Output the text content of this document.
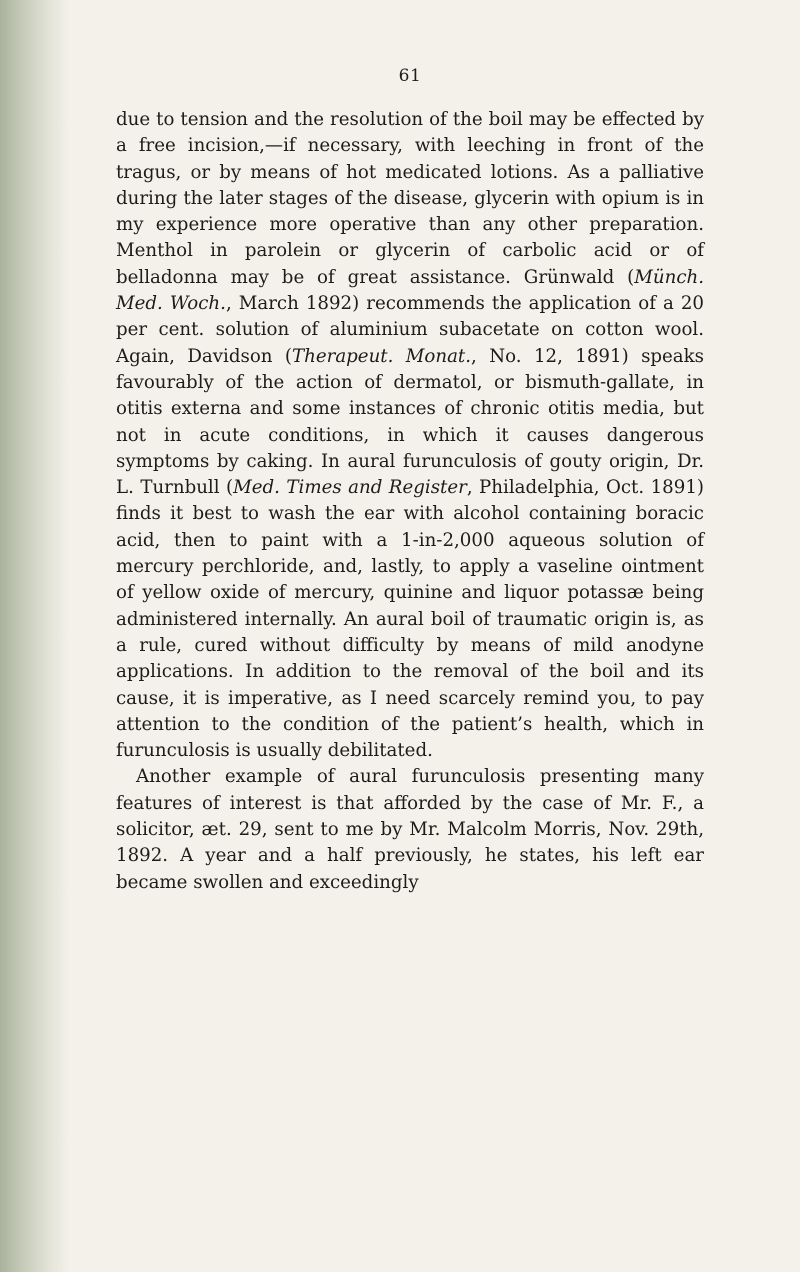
61

due to tension and the resolution of the boil may be effected by a free incision,—if necessary, with leeching in front of the tragus, or by means of hot medicated lotions. As a palliative during the later stages of the disease, glycerin with opium is in my experience more operative than any other preparation. Menthol in parolein or glycerin of carbolic acid or of belladonna may be of great assistance. Grünwald (Münch. Med. Woch., March 1892) recommends the application of a 20 per cent. solution of aluminium subacetate on cotton wool. Again, Davidson (Therapeut. Monat., No. 12, 1891) speaks favourably of the action of dermatol, or bismuth-gallate, in otitis externa and some instances of chronic otitis media, but not in acute conditions, in which it causes dangerous symptoms by caking. In aural furunculosis of gouty origin, Dr. L. Turnbull (Med. Times and Register, Philadelphia, Oct. 1891) finds it best to wash the ear with alcohol containing boracic acid, then to paint with a 1-in-2,000 aqueous solution of mercury perchloride, and, lastly, to apply a vaseline ointment of yellow oxide of mercury, quinine and liquor potassæ being administered internally. An aural boil of traumatic origin is, as a rule, cured without difficulty by means of mild anodyne applications. In addition to the removal of the boil and its cause, it is imperative, as I need scarcely remind you, to pay attention to the condition of the patient’s health, which in furunculosis is usually debilitated.

Another example of aural furunculosis presenting many features of interest is that afforded by the case of Mr. F., a solicitor, æt. 29, sent to me by Mr. Malcolm Morris, Nov. 29th, 1892. A year and a half previously, he states, his left ear became swollen and exceedingly
